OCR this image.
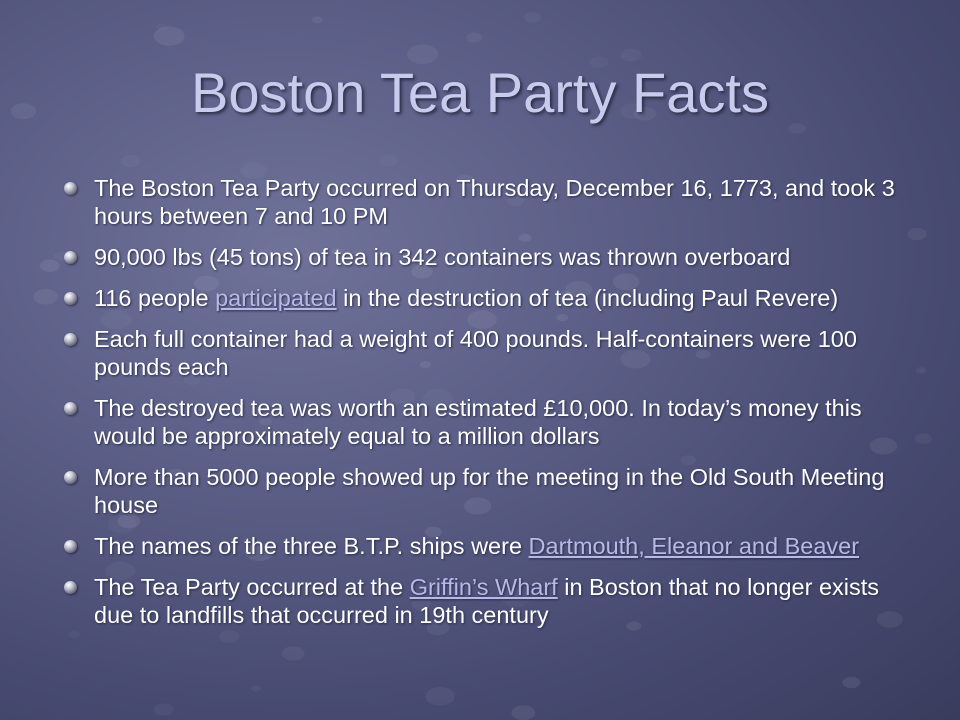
Boston Tea Party Facts
The Boston Tea Party occurred on Thursday, December 16, 1773, and took 3 hours between 7 and 10 PM
90,000 lbs (45 tons) of tea in 342 containers was thrown overboard
116 people participated in the destruction of tea (including Paul Revere)
Each full container had a weight of 400 pounds. Half-containers were 100 pounds each
The destroyed tea was worth an estimated £10,000. In today’s money this would be approximately equal to a million dollars
More than 5000 people showed up for the meeting in the Old South Meeting house
The names of the three B.T.P. ships were Dartmouth, Eleanor and Beaver
The Tea Party occurred at the Griffin’s Wharf in Boston that no longer exists due to landfills that occurred in 19th century
